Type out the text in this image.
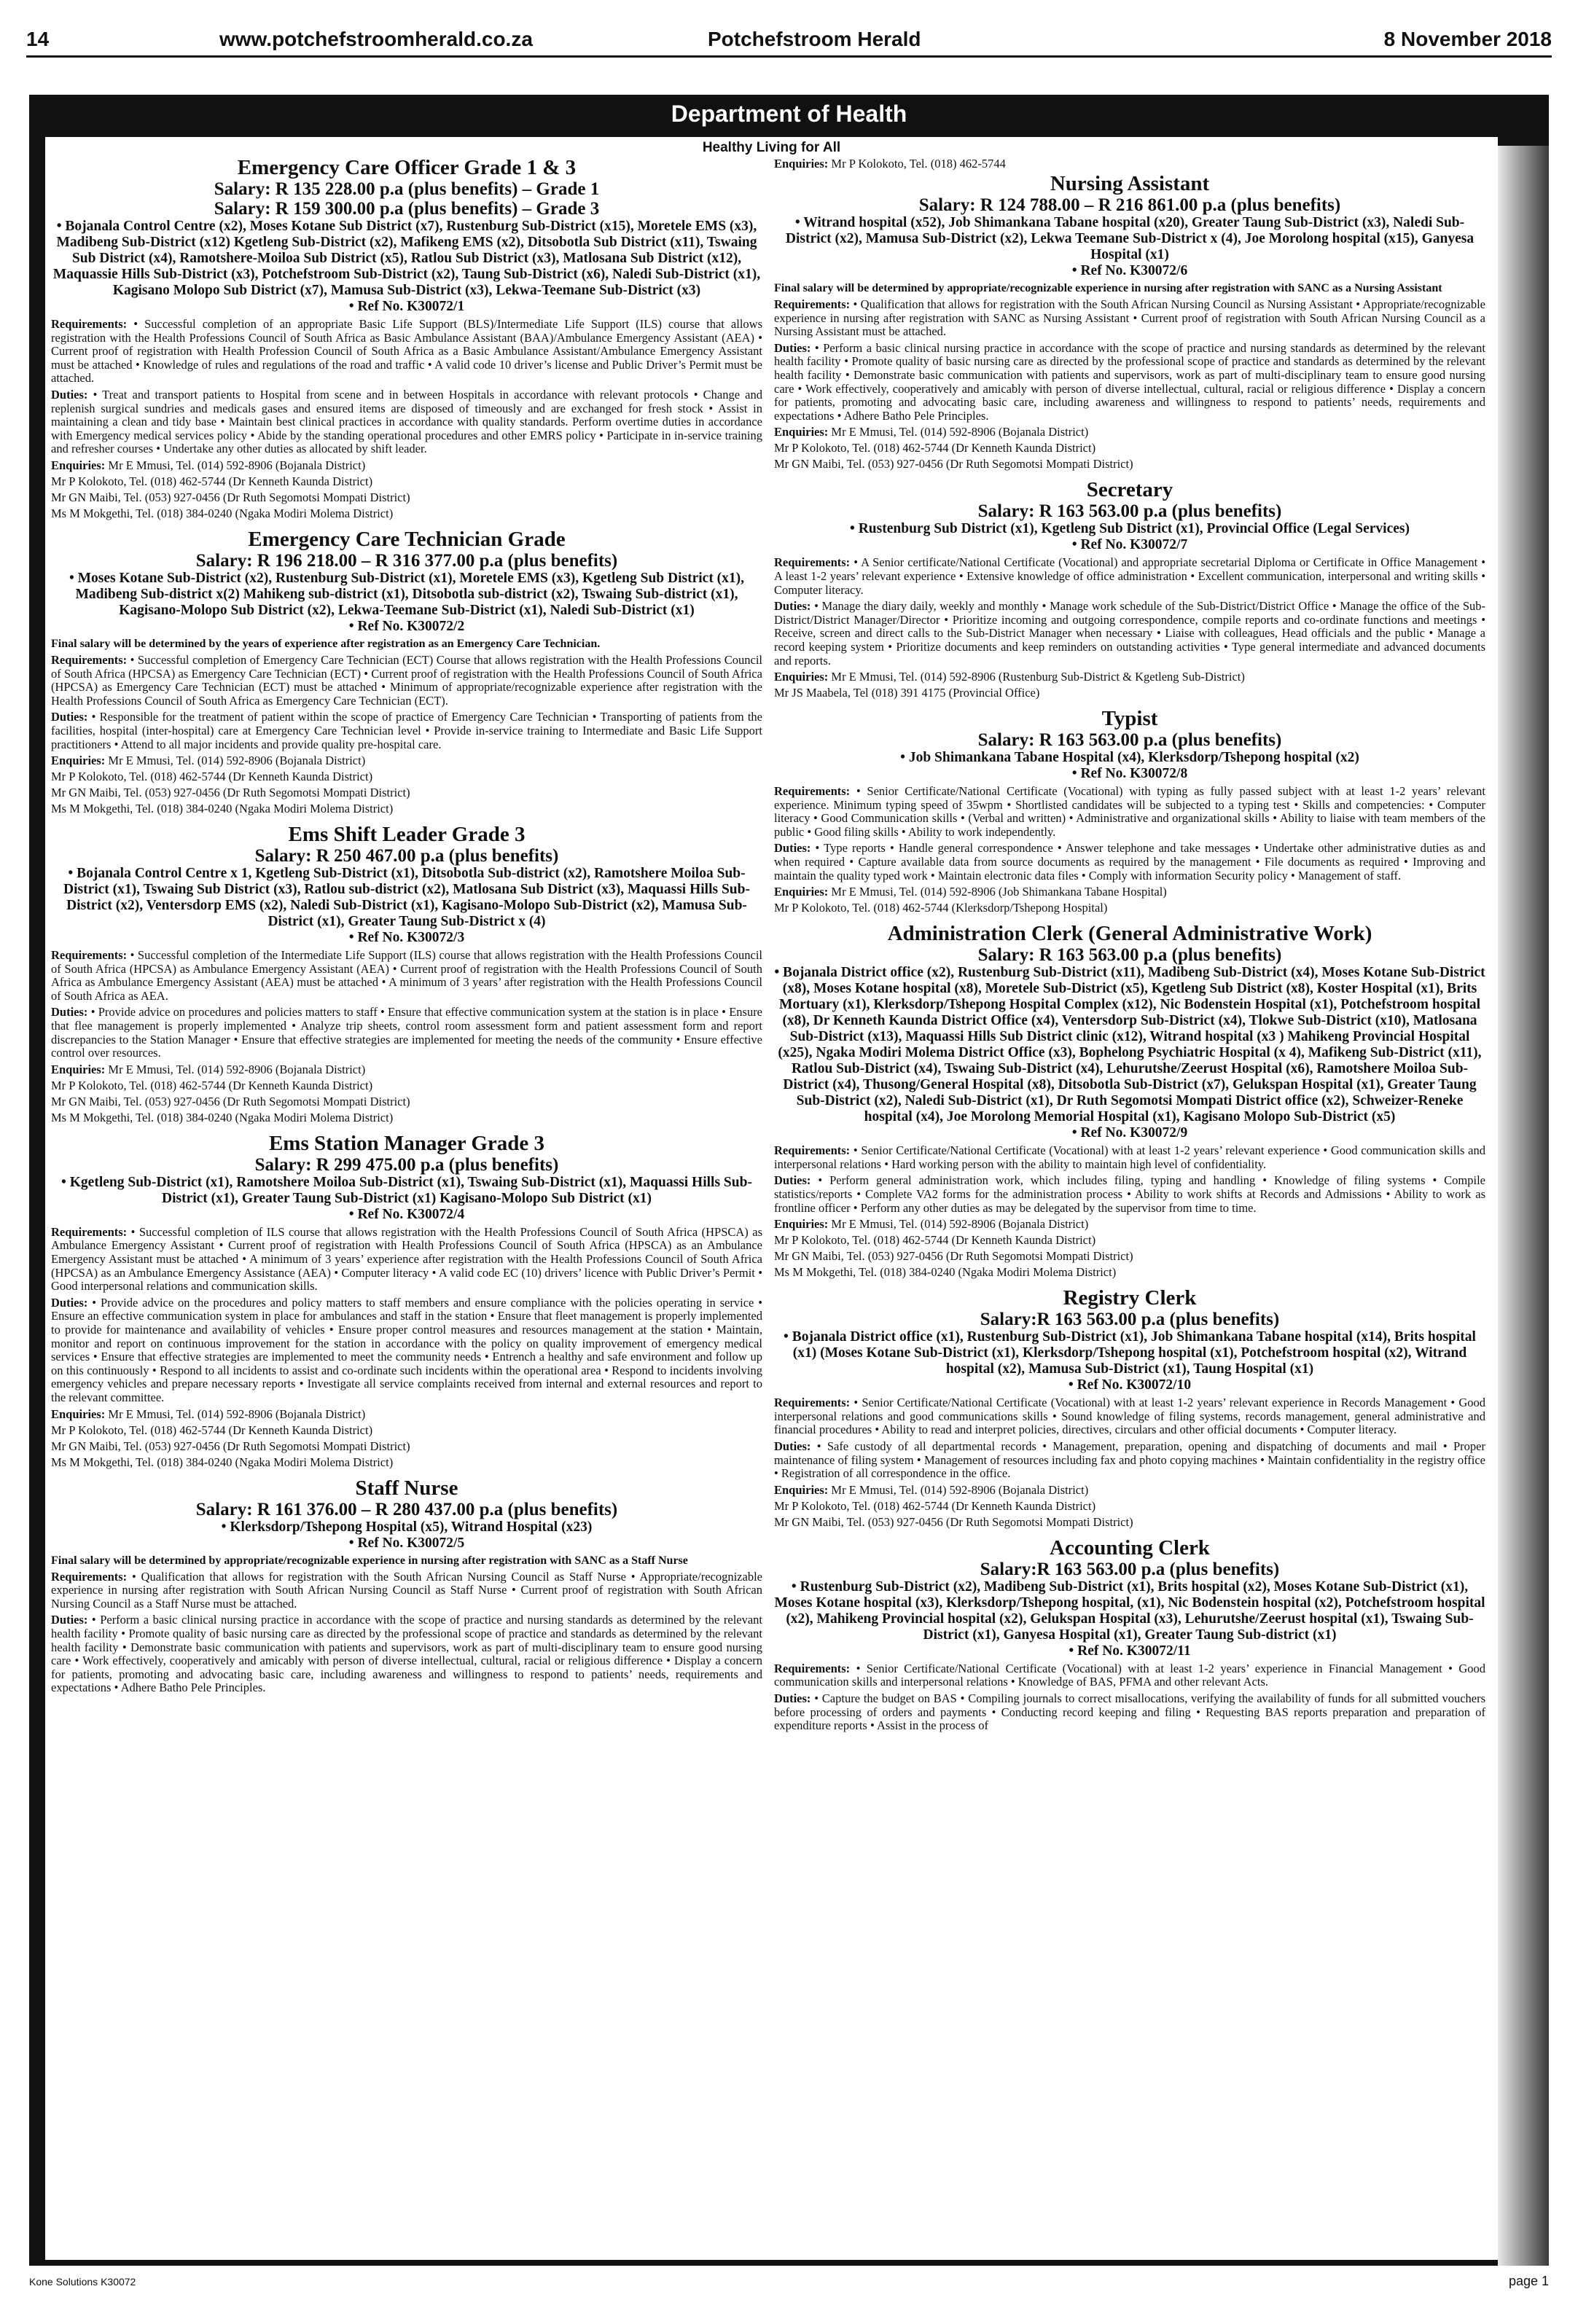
14	www.potchefstroomherald.co.za	Potchefstroom Herald	8 November 2018
Department of Health
Healthy Living for All
Emergency Care Officer Grade 1 & 3
Salary: R 135 228.00 p.a (plus benefits) – Grade 1
Salary: R 159 300.00 p.a (plus benefits) – Grade 3
• Bojanala Control Centre (x2), Moses Kotane Sub District (x7), Rustenburg Sub-District (x15), Moretele EMS (x3), Madibeng Sub-District (x12) Kgetleng Sub-District (x2), Mafikeng EMS (x2), Ditsobotla Sub District (x11), Tswaing Sub District (x4), Ramotshere-Moiloa Sub District (x5), Ratlou Sub District (x3), Matlosana Sub District (x12), Maquassie Hills Sub-District (x3), Potchefstroom Sub-District (x2), Taung Sub-District (x6), Naledi Sub-District (x1), Kagisano Molopo Sub District (x7), Mamusa Sub-District (x3), Lekwa-Teemane Sub-District (x3)
• Ref No. K30072/1
Requirements: • Successful completion of an appropriate Basic Life Support (BLS)/Intermediate Life Support (ILS) course that allows registration with the Health Professions Council of South Africa as Basic Ambulance Assistant (BAA)/Ambulance Emergency Assistant (AEA) • Current proof of registration with Health Profession Council of South Africa as a Basic Ambulance Assistant/Ambulance Emergency Assistant must be attached • Knowledge of rules and regulations of the road and traffic • A valid code 10 driver’s license and Public Driver’s Permit must be attached.
Duties: • Treat and transport patients to Hospital from scene and in between Hospitals in accordance with relevant protocols • Change and replenish surgical sundries and medicals gases and ensured items are disposed of timeously and are exchanged for fresh stock • Assist in maintaining a clean and tidy base • Maintain best clinical practices in accordance with quality standards. Perform overtime duties in accordance with Emergency medical services policy • Abide by the standing operational procedures and other EMRS policy • Participate in in-service training and refresher courses • Undertake any other duties as allocated by shift leader.
Enquiries: Mr E Mmusi, Tel. (014) 592-8906 (Bojanala District)
Mr P Kolokoto, Tel. (018) 462-5744 (Dr Kenneth Kaunda District)
Mr GN Maibi, Tel. (053) 927-0456 (Dr Ruth Segomotsi Mompati District)
Ms M Mokgethi, Tel. (018) 384-0240 (Ngaka Modiri Molema District)
Emergency Care Technician Grade
Salary: R 196 218.00 – R 316 377.00 p.a (plus benefits)
• Moses Kotane Sub-District (x2), Rustenburg Sub-District (x1), Moretele EMS (x3), Kgetleng Sub District (x1), Madibeng Sub-district x(2) Mahikeng sub-district (x1), Ditsobotla sub-district (x2), Tswaing Sub-district (x1), Kagisano-Molopo Sub District (x2), Lekwa-Teemane Sub-District (x1), Naledi Sub-District (x1)
• Ref No. K30072/2
Final salary will be determined by the years of experience after registration as an Emergency Care Technician.
Requirements: • Successful completion of Emergency Care Technician (ECT) Course that allows registration with the Health Professions Council of South Africa (HPCSA) as Emergency Care Technician (ECT) • Current proof of registration with the Health Professions Council of South Africa (HPCSA) as Emergency Care Technician (ECT) must be attached • Minimum of appropriate/recognizable experience after registration with the Health Professions Council of South Africa as Emergency Care Technician (ECT).
Duties: • Responsible for the treatment of patient within the scope of practice of Emergency Care Technician • Transporting of patients from the facilities, hospital (inter-hospital) care at Emergency Care Technician level • Provide in-service training to Intermediate and Basic Life Support practitioners • Attend to all major incidents and provide quality pre-hospital care.
Enquiries: Mr E Mmusi, Tel. (014) 592-8906 (Bojanala District)
Mr P Kolokoto, Tel. (018) 462-5744 (Dr Kenneth Kaunda District)
Mr GN Maibi, Tel. (053) 927-0456 (Dr Ruth Segomotsi Mompati District)
Ms M Mokgethi, Tel. (018) 384-0240 (Ngaka Modiri Molema District)
Ems Shift Leader Grade 3
Salary: R 250 467.00 p.a (plus benefits)
• Bojanala Control Centre x 1, Kgetleng Sub-District (x1), Ditsobotla Sub-district (x2), Ramotshere Moiloa Sub-District (x1), Tswaing Sub District (x3), Ratlou sub-district (x2), Matlosana Sub District (x3), Maquassi Hills Sub-District (x2), Ventersdorp EMS (x2), Naledi Sub-District (x1), Kagisano-Molopo Sub-District (x2), Mamusa Sub-District (x1), Greater Taung Sub-District x (4)
• Ref No. K30072/3
Requirements: • Successful completion of the Intermediate Life Support (ILS) course that allows registration with the Health Professions Council of South Africa (HPCSA) as Ambulance Emergency Assistant (AEA) • Current proof of registration with the Health Professions Council of South Africa as Ambulance Emergency Assistant (AEA) must be attached • A minimum of 3 years’ after registration with the Health Professions Council of South Africa as AEA.
Duties: • Provide advice on procedures and policies matters to staff • Ensure that effective communication system at the station is in place • Ensure that flee management is properly implemented • Analyze trip sheets, control room assessment form and patient assessment form and report discrepancies to the Station Manager • Ensure that effective strategies are implemented for meeting the needs of the community • Ensure effective control over resources.
Enquiries: Mr E Mmusi, Tel. (014) 592-8906 (Bojanala District)
Mr P Kolokoto, Tel. (018) 462-5744 (Dr Kenneth Kaunda District)
Mr GN Maibi, Tel. (053) 927-0456 (Dr Ruth Segomotsi Mompati District)
Ms M Mokgethi, Tel. (018) 384-0240 (Ngaka Modiri Molema District)
Ems Station Manager Grade 3
Salary: R 299 475.00 p.a (plus benefits)
• Kgetleng Sub-District (x1), Ramotshere Moiloa Sub-District (x1), Tswaing Sub-District (x1), Maquassi Hills Sub-District (x1), Greater Taung Sub-District (x1) Kagisano-Molopo Sub District (x1)
• Ref No. K30072/4
Requirements: • Successful completion of ILS course that allows registration with the Health Professions Council of South Africa (HPSCA) as Ambulance Emergency Assistant • Current proof of registration with Health Professions Council of South Africa (HPSCA) as an Ambulance Emergency Assistant must be attached • A minimum of 3 years’ experience after registration with the Health Professions Council of South Africa (HPCSA) as an Ambulance Emergency Assistance (AEA) • Computer literacy • A valid code EC (10) drivers’ licence with Public Driver’s Permit • Good interpersonal relations and communication skills.
Duties: • Provide advice on the procedures and policy matters to staff members and ensure compliance with the policies operating in service • Ensure an effective communication system in place for ambulances and staff in the station • Ensure that fleet management is properly implemented to provide for maintenance and availability of vehicles • Ensure proper control measures and resources management at the station • Maintain, monitor and report on continuous improvement for the station in accordance with the policy on quality improvement of emergency medical services • Ensure that effective strategies are implemented to meet the community needs • Entrench a healthy and safe environment and follow up on this continuously • Respond to all incidents to assist and co-ordinate such incidents within the operational area • Respond to incidents involving emergency vehicles and prepare necessary reports • Investigate all service complaints received from internal and external resources and report to the relevant committee.
Enquiries: Mr E Mmusi, Tel. (014) 592-8906 (Bojanala District)
Mr P Kolokoto, Tel. (018) 462-5744 (Dr Kenneth Kaunda District)
Mr GN Maibi, Tel. (053) 927-0456 (Dr Ruth Segomotsi Mompati District)
Ms M Mokgethi, Tel. (018) 384-0240 (Ngaka Modiri Molema District)
Staff Nurse
Salary: R 161 376.00 – R 280 437.00 p.a (plus benefits)
• Klerksdorp/Tshepong Hospital (x5), Witrand Hospital (x23)
• Ref No. K30072/5
Final salary will be determined by appropriate/recognizable experience in nursing after registration with SANC as a Staff Nurse
Requirements: • Qualification that allows for registration with the South African Nursing Council as Staff Nurse • Appropriate/recognizable experience in nursing after registration with South African Nursing Council as Staff Nurse • Current proof of registration with South African Nursing Council as a Staff Nurse must be attached.
Duties: • Perform a basic clinical nursing practice in accordance with the scope of practice and nursing standards as determined by the relevant health facility • Promote quality of basic nursing care as directed by the professional scope of practice and standards as determined by the relevant health facility • Demonstrate basic communication with patients and supervisors, work as part of multi-disciplinary team to ensure good nursing care • Work effectively, cooperatively and amicably with person of diverse intellectual, cultural, racial or religious difference • Display a concern for patients, promoting and advocating basic care, including awareness and willingness to respond to patients’ needs, requirements and expectations • Adhere Batho Pele Principles.
Enquiries: Mr P Kolokoto, Tel. (018) 462-5744
Nursing Assistant
Salary: R 124 788.00 – R 216 861.00 p.a (plus benefits)
• Witrand hospital (x52), Job Shimankana Tabane hospital (x20), Greater Taung Sub-District (x3), Naledi Sub-District (x2), Mamusa Sub-District (x2), Lekwa Teemane Sub-District x (4), Joe Morolong hospital (x15), Ganyesa Hospital (x1)
• Ref No. K30072/6
Final salary will be determined by appropriate/recognizable experience in nursing after registration with SANC as a Nursing Assistant
Requirements: • Qualification that allows for registration with the South African Nursing Council as Nursing Assistant • Appropriate/recognizable experience in nursing after registration with SANC as Nursing Assistant • Current proof of registration with South African Nursing Council as a Nursing Assistant must be attached.
Duties: • Perform a basic clinical nursing practice in accordance with the scope of practice and nursing standards as determined by the relevant health facility • Promote quality of basic nursing care as directed by the professional scope of practice and standards as determined by the relevant health facility • Demonstrate basic communication with patients and supervisors, work as part of multi-disciplinary team to ensure good nursing care • Work effectively, cooperatively and amicably with person of diverse intellectual, cultural, racial or religious difference • Display a concern for patients, promoting and advocating basic care, including awareness and willingness to respond to patients’ needs, requirements and expectations • Adhere Batho Pele Principles.
Enquiries: Mr E Mmusi, Tel. (014) 592-8906 (Bojanala District)
Mr P Kolokoto, Tel. (018) 462-5744 (Dr Kenneth Kaunda District)
Mr GN Maibi, Tel. (053) 927-0456 (Dr Ruth Segomotsi Mompati District)
Secretary
Salary: R 163 563.00 p.a (plus benefits)
• Rustenburg Sub District (x1), Kgetleng Sub District (x1), Provincial Office (Legal Services)
• Ref No. K30072/7
Requirements: • A Senior certificate/National Certificate (Vocational) and appropriate secretarial Diploma or Certificate in Office Management • A least 1-2 years’ relevant experience • Extensive knowledge of office administration • Excellent communication, interpersonal and writing skills • Computer literacy.
Duties: • Manage the diary daily, weekly and monthly • Manage work schedule of the Sub-District/District Office • Manage the office of the Sub-District/District Manager/Director • Prioritize incoming and outgoing correspondence, compile reports and co-ordinate functions and meetings • Receive, screen and direct calls to the Sub-District Manager when necessary • Liaise with colleagues, Head officials and the public • Manage a record keeping system • Prioritize documents and keep reminders on outstanding activities • Type general intermediate and advanced documents and reports.
Enquiries: Mr E Mmusi, Tel. (014) 592-8906 (Rustenburg Sub-District & Kgetleng Sub-District)
Mr JS Maabela, Tel (018) 391 4175 (Provincial Office)
Typist
Salary: R 163 563.00 p.a (plus benefits)
• Job Shimankana Tabane Hospital (x4), Klerksdorp/Tshepong hospital (x2)
• Ref No. K30072/8
Requirements: • Senior Certificate/National Certificate (Vocational) with typing as fully passed subject with at least 1-2 years’ relevant experience. Minimum typing speed of 35wpm • Shortlisted candidates will be subjected to a typing test • Skills and competencies: • Computer literacy • Good Communication skills • (Verbal and written) • Administrative and organizational skills • Ability to liaise with team members of the public • Good filing skills • Ability to work independently.
Duties: • Type reports • Handle general correspondence • Answer telephone and take messages • Undertake other administrative duties as and when required • Capture available data from source documents as required by the management • File documents as required • Improving and maintain the quality typed work • Maintain electronic data files • Comply with information Security policy • Management of staff.
Enquiries: Mr E Mmusi, Tel. (014) 592-8906 (Job Shimankana Tabane Hospital)
Mr P Kolokoto, Tel. (018) 462-5744 (Klerksdorp/Tshepong Hospital)
Administration Clerk (General Administrative Work)
Salary: R 163 563.00 p.a (plus benefits)
• Bojanala District office (x2), Rustenburg Sub-District (x11), Madibeng Sub-District (x4), Moses Kotane Sub-District (x8), Moses Kotane hospital (x8), Moretele Sub-District (x5), Kgetleng Sub District (x8), Koster Hospital (x1), Brits Mortuary (x1), Klerksdorp/Tshepong Hospital Complex (x12), Nic Bodenstein Hospital (x1), Potchefstroom hospital (x8), Dr Kenneth Kaunda District Office (x4), Ventersdorp Sub-District (x4), Tlokwe Sub-District (x10), Matlosana Sub-District (x13), Maquassi Hills Sub District clinic (x12), Witrand hospital (x3 ) Mahikeng Provincial Hospital (x25), Ngaka Modiri Molema District Office (x3), Bophelong Psychiatric Hospital (x 4), Mafikeng Sub-District (x11), Ratlou Sub-District (x4), Tswaing Sub-District (x4), Lehurutshe/Zeerust Hospital (x6), Ramotshere Moiloa Sub-District (x4), Thusong/General Hospital (x8), Ditsobotla Sub-District (x7), Gelukspan Hospital (x1), Greater Taung Sub-District (x2), Naledi Sub-District (x1), Dr Ruth Segomotsi Mompati District office (x2), Schweizer-Reneke hospital (x4), Joe Morolong Memorial Hospital (x1), Kagisano Molopo Sub-District (x5)
• Ref No. K30072/9
Requirements: • Senior Certificate/National Certificate (Vocational) with at least 1-2 years’ relevant experience • Good communication skills and interpersonal relations • Hard working person with the ability to maintain high level of confidentiality.
Duties: • Perform general administration work, which includes filing, typing and handling • Knowledge of filing systems • Compile statistics/reports • Complete VA2 forms for the administration process • Ability to work shifts at Records and Admissions • Ability to work as frontline officer • Perform any other duties as may be delegated by the supervisor from time to time.
Enquiries: Mr E Mmusi, Tel. (014) 592-8906 (Bojanala District)
Mr P Kolokoto, Tel. (018) 462-5744 (Dr Kenneth Kaunda District)
Mr GN Maibi, Tel. (053) 927-0456 (Dr Ruth Segomotsi Mompati District)
Ms M Mokgethi, Tel. (018) 384-0240 (Ngaka Modiri Molema District)
Registry Clerk
Salary:R 163 563.00 p.a (plus benefits)
• Bojanala District office (x1), Rustenburg Sub-District (x1), Job Shimankana Tabane hospital (x14), Brits hospital (x1) (Moses Kotane Sub-District (x1), Klerksdorp/Tshepong hospital (x1), Potchefstroom hospital (x2), Witrand hospital (x2), Mamusa Sub-District (x1), Taung Hospital (x1)
• Ref No. K30072/10
Requirements: • Senior Certificate/National Certificate (Vocational) with at least 1-2 years’ relevant experience in Records Management • Good interpersonal relations and good communications skills • Sound knowledge of filing systems, records management, general administrative and financial procedures • Ability to read and interpret policies, directives, circulars and other official documents • Computer literacy.
Duties: • Safe custody of all departmental records • Management, preparation, opening and dispatching of documents and mail • Proper maintenance of filing system • Management of resources including fax and photo copying machines • Maintain confidentiality in the registry office • Registration of all correspondence in the office.
Enquiries: Mr E Mmusi, Tel. (014) 592-8906 (Bojanala District)
Mr P Kolokoto, Tel. (018) 462-5744 (Dr Kenneth Kaunda District)
Mr GN Maibi, Tel. (053) 927-0456 (Dr Ruth Segomotsi Mompati District)
Accounting Clerk
Salary:R 163 563.00 p.a (plus benefits)
• Rustenburg Sub-District (x2), Madibeng Sub-District (x1), Brits hospital (x2), Moses Kotane Sub-District (x1), Moses Kotane hospital (x3), Klerksdorp/Tshepong hospital, (x1), Nic Bodenstein hospital (x2), Potchefstroom hospital (x2), Mahikeng Provincial hospital (x2), Gelukspan Hospital (x3), Lehurutshe/Zeerust hospital (x1), Tswaing Sub-District (x1), Ganyesa Hospital (x1), Greater Taung Sub-district (x1)
• Ref No. K30072/11
Requirements: • Senior Certificate/National Certificate (Vocational) with at least 1-2 years’ experience in Financial Management • Good communication skills and interpersonal relations • Knowledge of BAS, PFMA and other relevant Acts.
Duties: • Capture the budget on BAS • Compiling journals to correct misallocations, verifying the availability of funds for all submitted vouchers before processing of orders and payments • Conducting record keeping and filing • Requesting BAS reports preparation and preparation of expenditure reports • Assist in the process of
Kone Solutions K30072	page 1
